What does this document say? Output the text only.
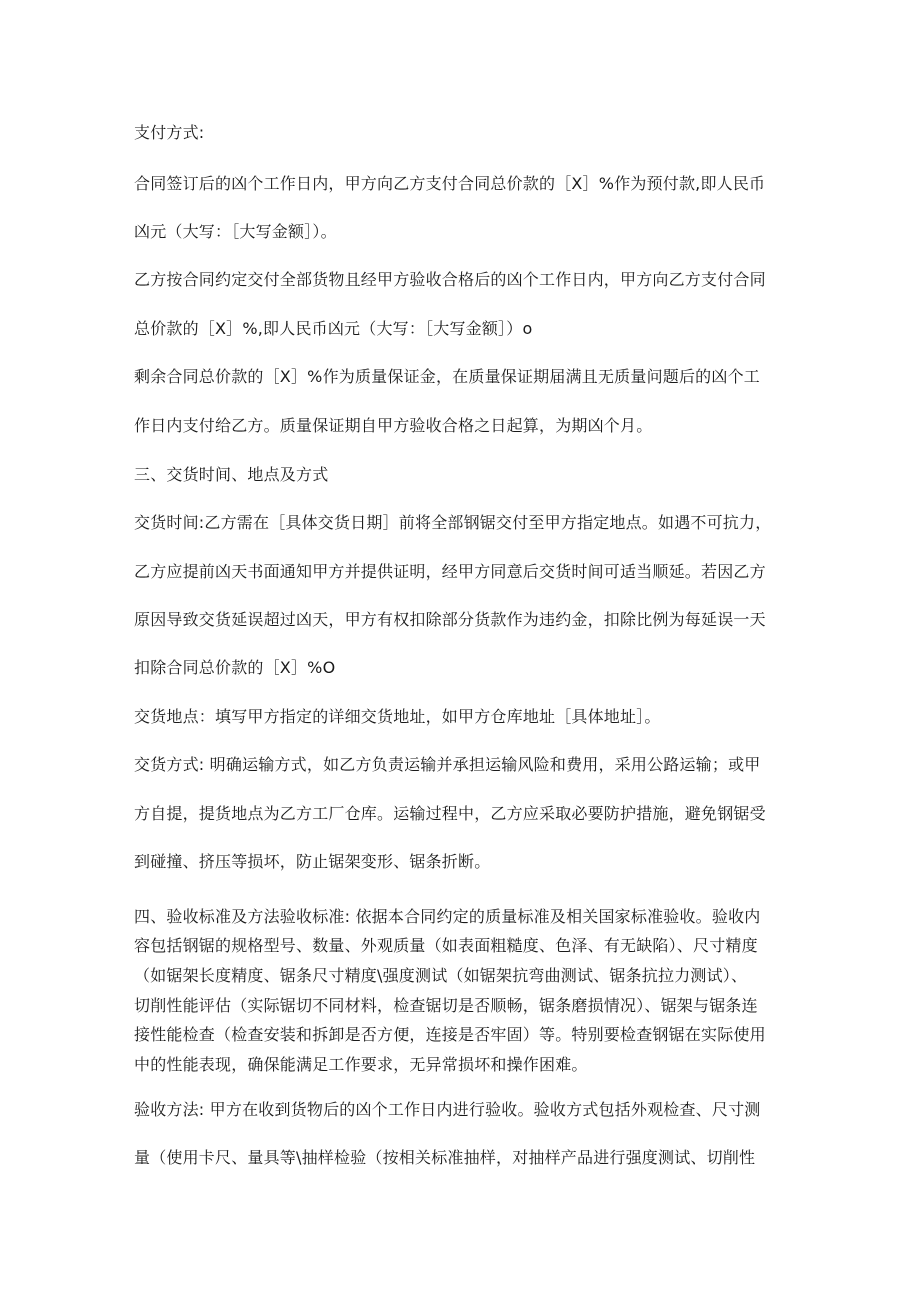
支付方式:
合同签订后的凶个工作日内，甲方向乙方支付合同总价款的［X］%作为预付款,即人民币
凶元（大写：［大写金额］）。
乙方按合同约定交付全部货物且经甲方验收合格后的凶个工作日内，甲方向乙方支付合同
总价款的［X］%,即人民币凶元（大写：［大写金额］）o
剩余合同总价款的［X］%作为质量保证金，在质量保证期届满且无质量问题后的凶个工
作日内支付给乙方。质量保证期自甲方验收合格之日起算，为期凶个月。
三、交货时间、地点及方式
交货时间:乙方需在［具体交货日期］前将全部钢锯交付至甲方指定地点。如遇不可抗力，
乙方应提前凶天书面通知甲方并提供证明，经甲方同意后交货时间可适当顺延。若因乙方
原因导致交货延误超过凶天，甲方有权扣除部分货款作为违约金，扣除比例为每延误一天
扣除合同总价款的［X］%O
交货地点：填写甲方指定的详细交货地址，如甲方仓库地址［具体地址］。
交货方式: 明确运输方式，如乙方负责运输并承担运输风险和费用，采用公路运输；或甲
方自提，提货地点为乙方工厂仓库。运输过程中，乙方应采取必要防护措施，避免钢锯受
到碰撞、挤压等损坏，防止锯架变形、锯条折断。
四、验收标准及方法验收标准: 依据本合同约定的质量标准及相关国家标准验收。验收内
容包括钢锯的规格型号、数量、外观质量（如表面粗糙度、色泽、有无缺陷）、尺寸精度
（如锯架长度精度、锯条尺寸精度\强度测试（如锯架抗弯曲测试、锯条抗拉力测试）、
切削性能评估（实际锯切不同材料，检查锯切是否顺畅，锯条磨损情况）、锯架与锯条连
接性能检查（检查安装和拆卸是否方便，连接是否牢固）等。特别要检查钢锯在实际使用
中的性能表现，确保能满足工作要求，无异常损坏和操作困难。
验收方法: 甲方在收到货物后的凶个工作日内进行验收。验收方式包括外观检查、尺寸测
量（使用卡尺、量具等\抽样检验（按相关标准抽样，对抽样产品进行强度测试、切削性
